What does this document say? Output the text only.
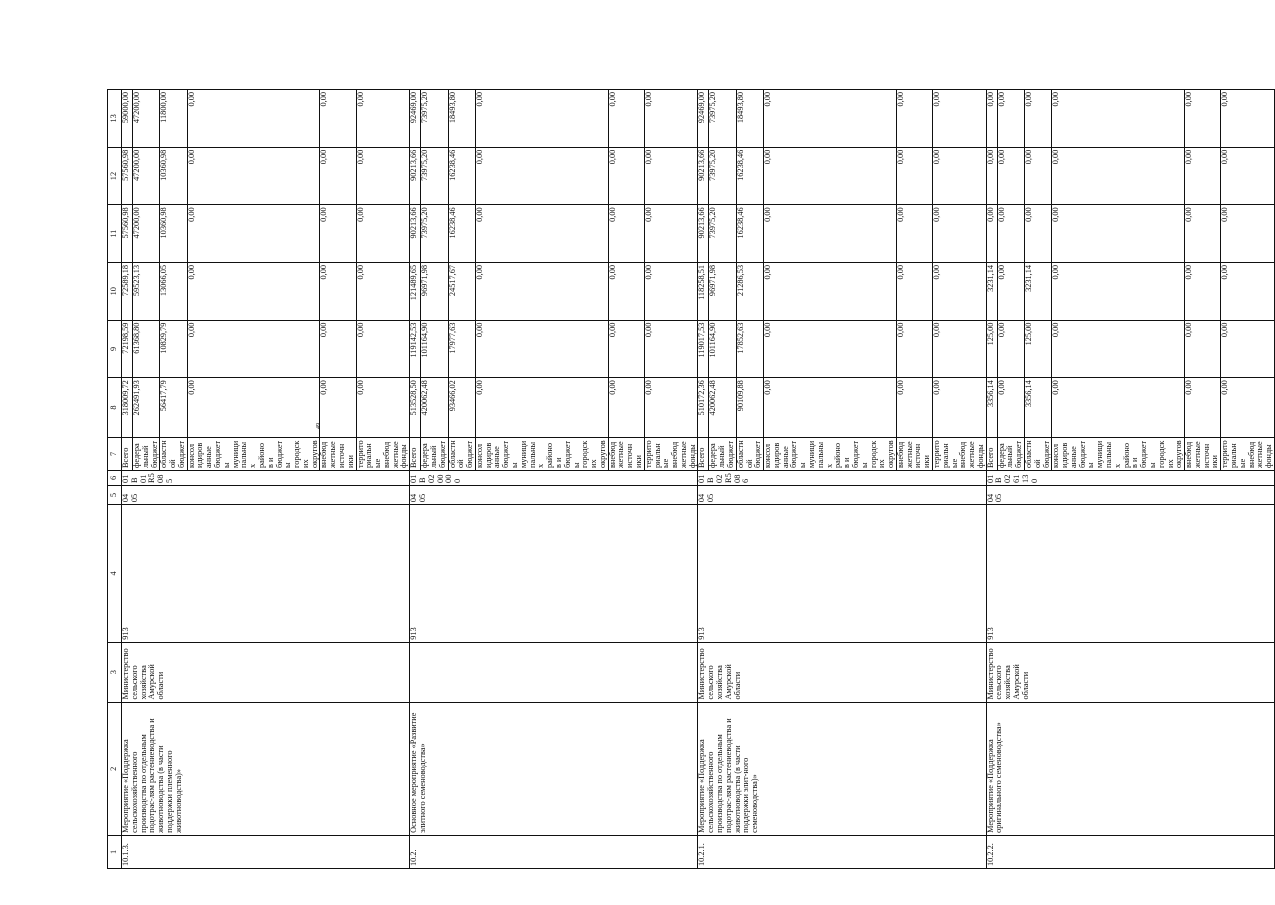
49
1	2	3	4	5	6	7	8	9	10	11	12	13
10.1.3.	Мероприятие «Поддержка сельскохозяйственного производства по отдельным подотрас-лям растениеводства и животноводства (в части поддержки племенного животноводства)»	Министерство сельского хозяйства Амурской области	913	04 05	01 В 01 R5085	Всего	318009,72	72198,59	72589,18	57560,98	57560,98	59000,00
						федеральный бюджет	262491,93	61368,80	59523,13	47200,00	47200,00	47200,00
						областной бюджет	56417,79	10829,79	13066,05	10360,98	10360,98	11800,00
						консолидированные бюджеты муниципальных районов и бюджеты городских округов	0,00	0,00	0,00	0,00	0,00	0,00
						внебюджетные источники	0,00	0,00	0,00	0,00	0,00	0,00
						территориальные внебюджетные фонды	0,00	0,00	0,00	0,00	0,00	0,00
10.2.	Основное мероприятие «Развитие элитного семеноводства»		913	04 05	01 В 02 00000	Всего	513528,50	119142,53	121489,65	90213,66	90213,66	92469,00
						федеральный бюджет	420062,48	101164,90	96971,98	73975,20	73975,20	73975,20
						областной бюджет	93466,02	17977,63	24517,67	16238,46	16238,46	18493,80
						консолидированные бюджеты муниципальных районов и бюджеты городских округов	0,00	0,00	0,00	0,00	0,00	0,00
						внебюджетные источники	0,00	0,00	0,00	0,00	0,00	0,00
						территориальные внебюджетные фонды	0,00	0,00	0,00	0,00	0,00	0,00
10.2.1.	Мероприятие «Поддержка сельскохозяйственного производства по отдельным подотрас-лям растениеводства и животноводства (в части поддержки элит-ного семеноводства)»	Министерство сельского хозяйства Амурской области	913	04 05	01 В 02 R5086	Всего	510172,36	119017,53	118258,51	90213,66	90213,66	92469,00
						федеральный бюджет	420062,48	101164,90	96971,98	73975,20	73975,20	73975,20
						областной бюджет	90109,88	17852,63	21286,53	16238,46	16238,46	18493,80
						консолидированные бюджеты муниципальных районов и бюджеты городских округов	0,00	0,00	0,00	0,00	0,00	0,00
						внебюджетные источники	0,00	0,00	0,00	0,00	0,00	0,00
						территориальные внебюджетные фонды	0,00	0,00	0,00	0,00	0,00	0,00
10.2.2.	Мероприятие «Поддержка оригинального семеноводства»	Министерство сельского хозяйства Амурской области	913	04 05	01 В 02 61130	Всего	3356,14	125,00	3231,14	0,00	0,00	0,00
						федеральный бюджет	0,00	0,00	0,00	0,00	0,00	0,00
						областной бюджет	3356,14	125,00	3231,14	0,00	0,00	0,00
						консолидированные бюджеты муниципальных районов и бюджеты городских округов	0,00	0,00	0,00	0,00	0,00	0,00
						внебюджетные источники	0,00	0,00	0,00	0,00	0,00	0,00
						территориальные внебюджетные фонды	0,00	0,00	0,00	0,00	0,00	0,00
